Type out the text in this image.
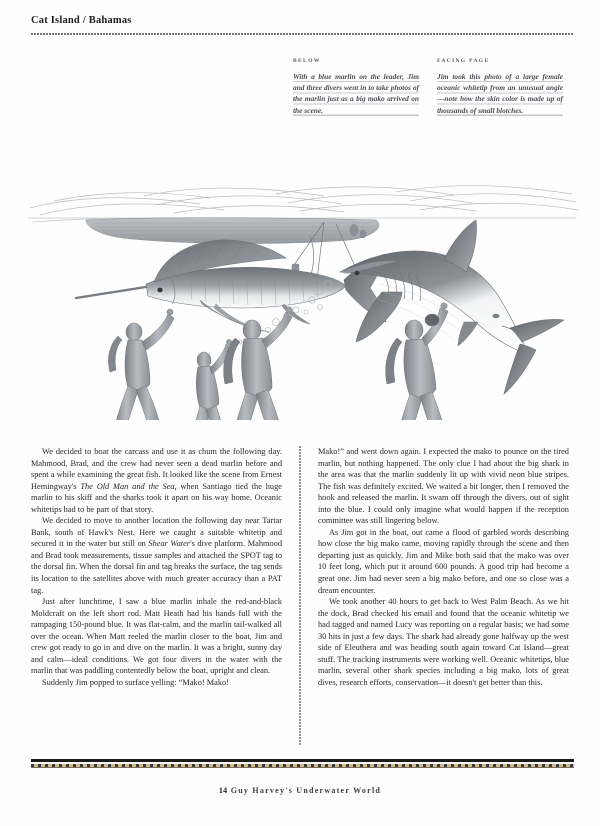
Cat Island / Bahamas
BELOW
With a blue marlin on the leader, Jim and three divers went in to take photos of the marlin just as a big mako arrived on the scene.
FACING PAGE
Jim took this photo of a large female oceanic whitetip from an unusual angle—note how the skin color is made up of thousands of small blotches.

We decided to boat the carcass and use it as chum the following day. Mahmood, Brad, and the crew had never seen a dead marlin before and spent a while examining the great fish. It looked like the scene from Ernest Hemingway's The Old Man and the Sea, when Santiago tied the huge marlin to his skiff and the sharks took it apart on his way home. Oceanic whitetips had to be part of that story.

We decided to move to another location the following day near Tartar Bank, south of Hawk's Nest. Here we caught a suitable whitetip and secured it in the water but still on Shear Water's dive platform. Mahmood and Brad took measurements, tissue samples and attached the SPOT tag to the dorsal fin. When the dorsal fin and tag breaks the surface, the tag sends its location to the satellites above with much greater accuracy than a PAT tag.

Just after lunchtime, I saw a blue marlin inhale the red-and-black Moldcraft on the left short rod. Matt Heath had his hands full with the rampaging 150-pound blue. It was flat-calm, and the marlin tail-walked all over the ocean. When Matt reeled the marlin closer to the boat, Jim and crew got ready to go in and dive on the marlin. It was a bright, sunny day and calm—ideal conditions. We got four divers in the water with the marlin that was paddling contentedly below the boat, upright and clean.

Suddenly Jim popped to surface yelling: “Mako! Mako!

Mako!” and went down again. I expected the mako to pounce on the tired marlin, but nothing happened. The only clue I had about the big shark in the area was that the marlin suddenly lit up with vivid neon blue stripes. The fish was definitely excited. We waited a bit longer, then I removed the hook and released the marlin. It swam off through the divers, out of sight into the blue. I could only imagine what would happen if the reception committee was still lingering below.

As Jim got in the boat, out came a flood of garbled words describing how close the big mako came, moving rapidly through the scene and then departing just as quickly. Jim and Mike both said that the mako was over 10 feet long, which put it around 600 pounds. A good trip had become a great one. Jim had never seen a big mako before, and one so close was a dream encounter.

We took another 40 hours to get back to West Palm Beach. As we hit the dock, Brad checked his email and found that the oceanic whitetip we had tagged and named Lucy was reporting on a regular basis; we had some 30 hits in just a few days. The shark had already gone halfway up the west side of Eleuthera and was heading south again toward Cat Island—great stuff. The tracking instruments were working well. Oceanic whitetips, blue marlin, several other shark species including a big mako, lots of great dives, research efforts, conservation—it doesn't get better than this.

14 Guy Harvey's Underwater World
